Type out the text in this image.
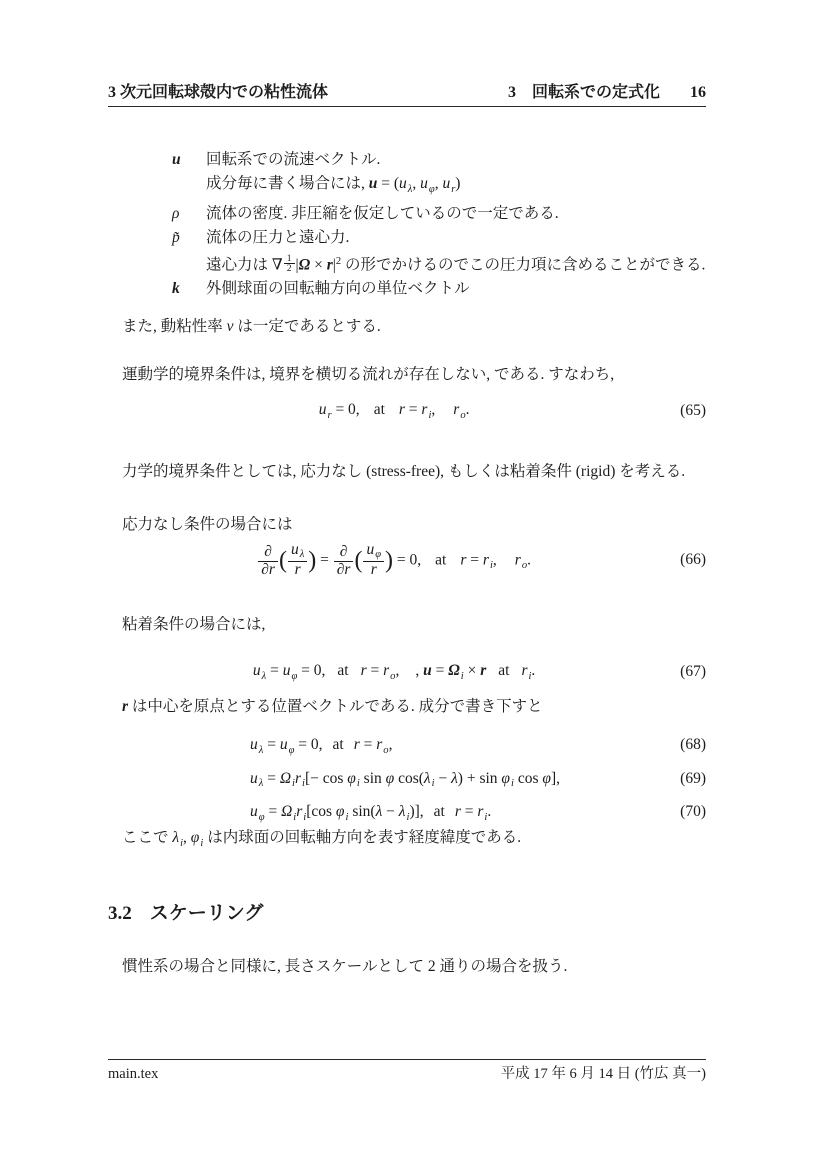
3 次元回転球殻内での粘性流体	3　回転系での定式化 16
u	回転系での流速ベクトル.
成分毎に書く場合には, $u = (u_\lambda$, $u_\varphi$, $u_r$)
ρ	流体の密度. 非圧縮を仮定しているので一定である.
p̃	流体の圧力と遠心力.
遠心力は ∇ $\frac{1}{2} |\Omega \times r|^2$ の形でかけるのでこの圧力項に含めることができる.
k	外側球面の回転軸方向の単位ベクトル
また, 動粘性率 ν は一定であるとする.
運動学的境界条件は, 境界を横切る流れが存在しない, である. すなわち,
$u_r = 0$, at $r = r_i$, $r_o$.	(65)
力学的境界条件としては, 応力なし (stress-free), もしくは粘着条件 (rigid) を考える.
応力なし条件の場合には
$\frac{\partial}{\partial r}$ ( $\frac{u_\lambda}{r}$ ) = $\frac{\partial}{\partial r}$ ( $\frac{u_\varphi}{r}$ ) = 0, at $r = r_i$, $r_o$.	(66)
粘着条件の場合には,
$u_\lambda = u_\varphi = 0$, at $r = r_o$, , $u = \Omega_i \times r$ at $r_i$.	(67)
r は中心を原点とする位置ベクトルである. 成分で書き下すと
$u_\lambda = u_\varphi = 0$, at $r = r_o$,	(68)
$u_\lambda = \Omega_ir_i[- \cos \varphi_i$ sin φ $\cos(\lambda_i - \lambda) + \sin \varphi_i$ cos φ],	(69)
$u_\varphi = \Omega_ir_i[\cos$ $\varphi_i$ $\sin(\lambda - \lambda_i)$], at $r = r_i$.	(70)
ここで $\lambda_i$, $\varphi_i$ は内球面の回転軸方向を表す経度緯度である.
3.2 スケーリング
慣性系の場合と同様に, 長さスケールとして 2 通りの場合を扱う.
main.tex	平成 17 年 6 月 14 日 (竹広 真一)
